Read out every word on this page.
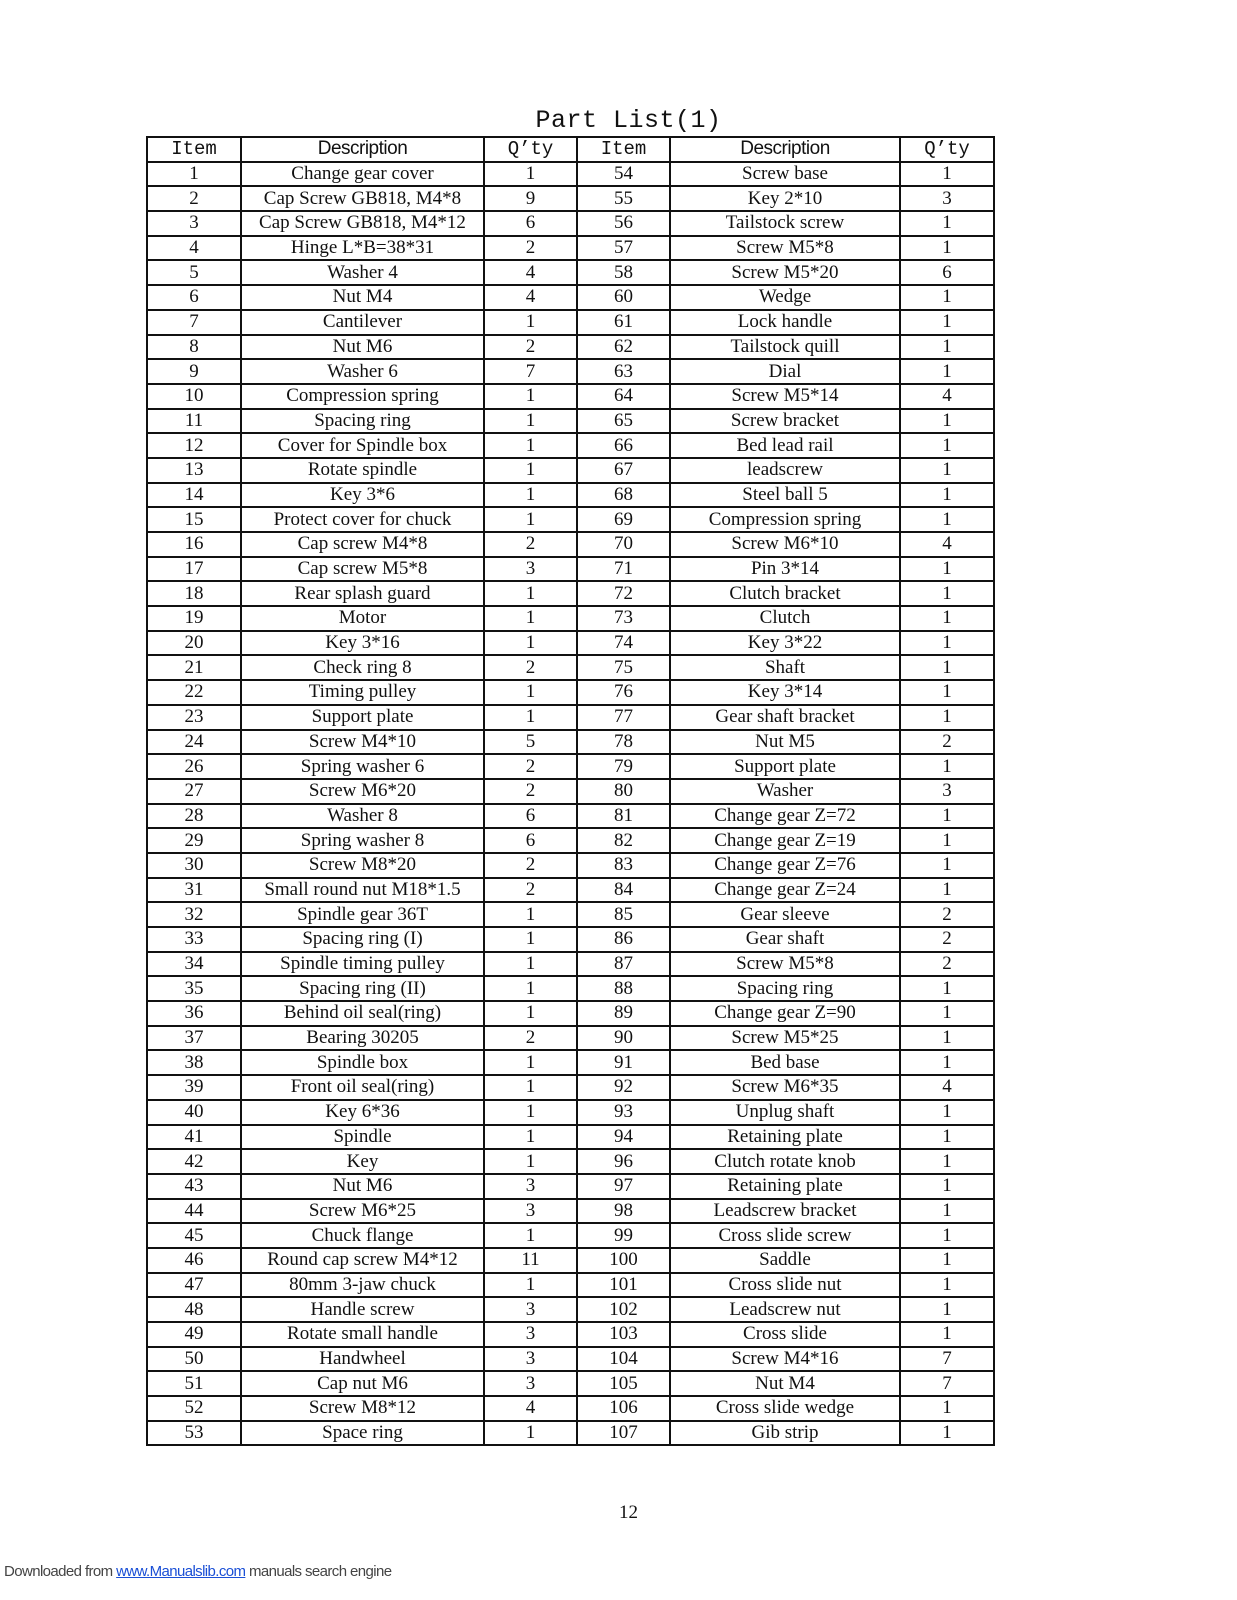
Part List(1)
Item	Description	Q’ty	Item	Description	Q’ty
1	Change gear cover	1	54	Screw base	1
2	Cap Screw GB818, M4*8	9	55	Key 2*10	3
3	Cap Screw GB818, M4*12	6	56	Tailstock screw	1
4	Hinge L*B=38*31	2	57	Screw M5*8	1
5	Washer 4	4	58	Screw M5*20	6
6	Nut M4	4	60	Wedge	1
7	Cantilever	1	61	Lock handle	1
8	Nut M6	2	62	Tailstock quill	1
9	Washer 6	7	63	Dial	1
10	Compression spring	1	64	Screw M5*14	4
11	Spacing ring	1	65	Screw bracket	1
12	Cover for Spindle box	1	66	Bed lead rail	1
13	Rotate spindle	1	67	leadscrew	1
14	Key 3*6	1	68	Steel ball 5	1
15	Protect cover for chuck	1	69	Compression spring	1
16	Cap screw M4*8	2	70	Screw M6*10	4
17	Cap screw M5*8	3	71	Pin 3*14	1
18	Rear splash guard	1	72	Clutch bracket	1
19	Motor	1	73	Clutch	1
20	Key 3*16	1	74	Key 3*22	1
21	Check ring 8	2	75	Shaft	1
22	Timing pulley	1	76	Key 3*14	1
23	Support plate	1	77	Gear shaft bracket	1
24	Screw M4*10	5	78	Nut M5	2
26	Spring washer 6	2	79	Support plate	1
27	Screw M6*20	2	80	Washer	3
28	Washer 8	6	81	Change gear Z=72	1
29	Spring washer 8	6	82	Change gear Z=19	1
30	Screw M8*20	2	83	Change gear Z=76	1
31	Small round nut M18*1.5	2	84	Change gear Z=24	1
32	Spindle gear 36T	1	85	Gear sleeve	2
33	Spacing ring (I)	1	86	Gear shaft	2
34	Spindle timing pulley	1	87	Screw M5*8	2
35	Spacing ring (II)	1	88	Spacing ring	1
36	Behind oil seal(ring)	1	89	Change gear Z=90	1
37	Bearing 30205	2	90	Screw M5*25	1
38	Spindle box	1	91	Bed base	1
39	Front oil seal(ring)	1	92	Screw M6*35	4
40	Key 6*36	1	93	Unplug shaft	1
41	Spindle	1	94	Retaining plate	1
42	Key	1	96	Clutch rotate knob	1
43	Nut M6	3	97	Retaining plate	1
44	Screw M6*25	3	98	Leadscrew bracket	1
45	Chuck flange	1	99	Cross slide screw	1
46	Round cap screw M4*12	11	100	Saddle	1
47	80mm 3-jaw chuck	1	101	Cross slide nut	1
48	Handle screw	3	102	Leadscrew nut	1
49	Rotate small handle	3	103	Cross slide	1
50	Handwheel	3	104	Screw M4*16	7
51	Cap nut M6	3	105	Nut M4	7
52	Screw M8*12	4	106	Cross slide wedge	1
53	Space ring	1	107	Gib strip	1
12
Downloaded from www.Manualslib.com manuals search engine
